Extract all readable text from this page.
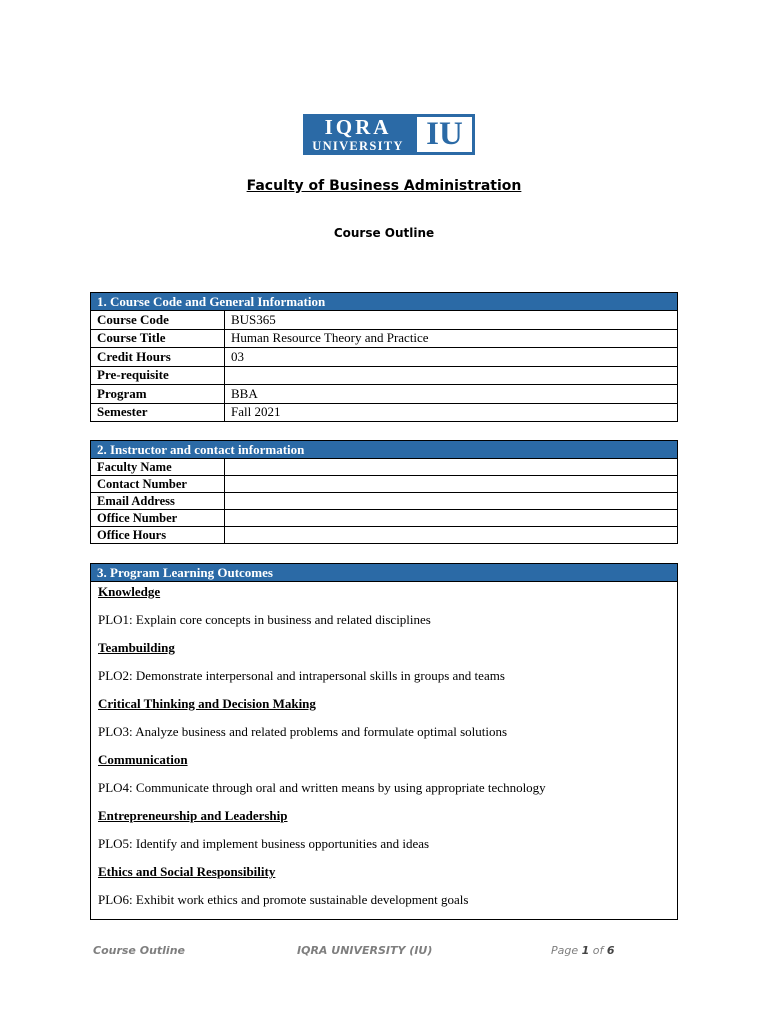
IQRA
UNIVERSITY IU
Faculty of Business Administration
Course Outline
1. Course Code and General Information	
Course Code	BUS365
Course Title	Human Resource Theory and Practice
Credit Hours	03
Pre-requisite	
Program	BBA
Semester	Fall 2021
2. Instructor and contact information	
Faculty Name	
Contact Number	
Email Address	
Office Number	
Office Hours	
3. Program Learning Outcomes

Knowledge
PLO1: Explain core concepts in business and related disciplines
Teambuilding
PLO2: Demonstrate interpersonal and intrapersonal skills in groups and teams
Critical Thinking and Decision Making
PLO3: Analyze business and related problems and formulate optimal solutions
Communication
PLO4: Communicate through oral and written means by using appropriate technology
Entrepreneurship and Leadership
PLO5: Identify and implement business opportunities and ideas
Ethics and Social Responsibility
PLO6: Exhibit work ethics and promote sustainable development goals
Course Outline	IQRA UNIVERSITY (IU)	Page 1 of 6
